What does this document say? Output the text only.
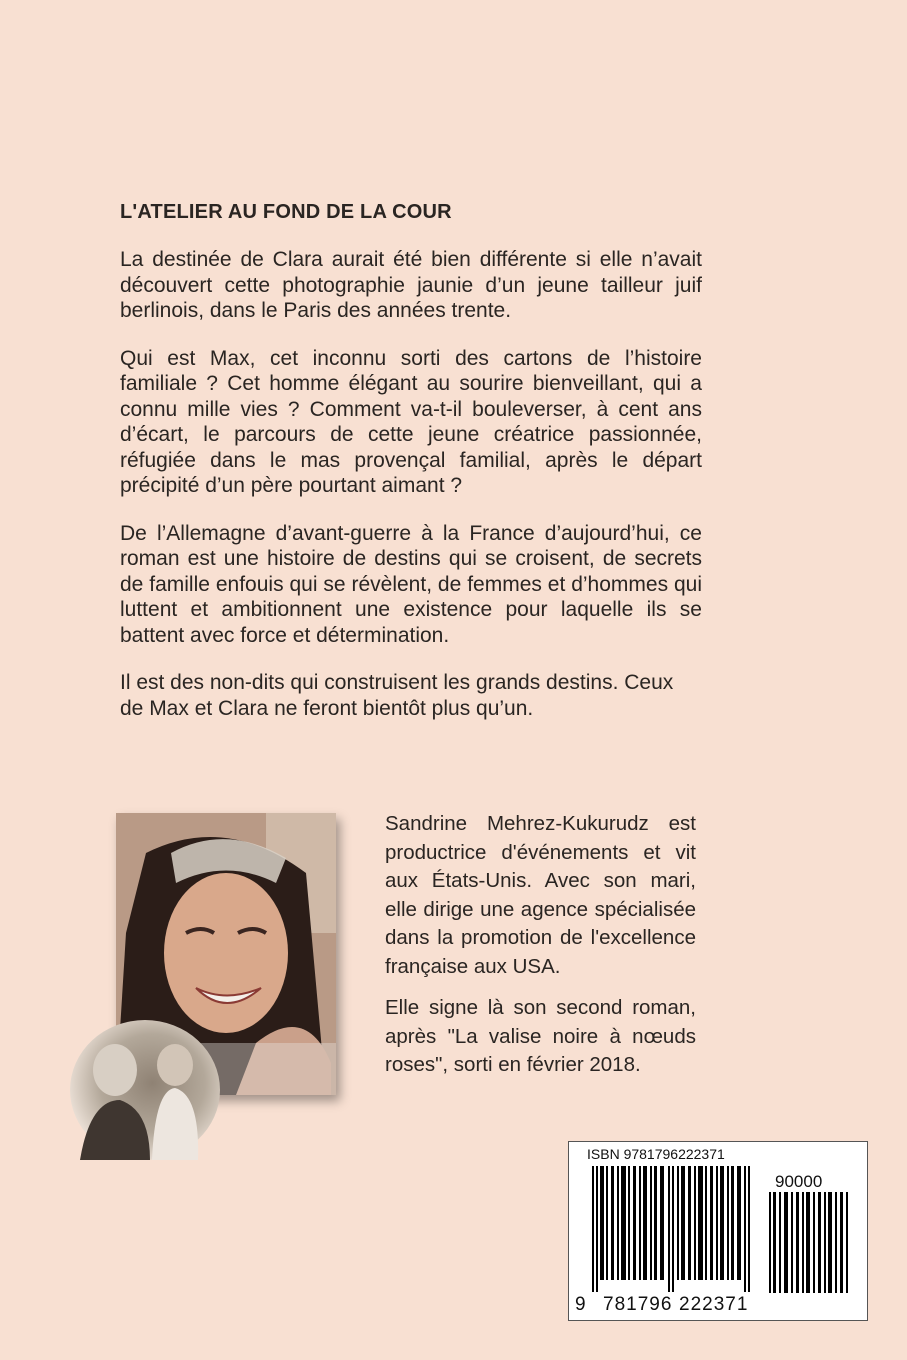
L'ATELIER AU FOND DE LA COUR

La destinée de Clara aurait été bien différente si elle n’avait découvert cette photographie jaunie d’un jeune tailleur juif berlinois, dans le Paris des années trente.

Qui est Max, cet inconnu sorti des cartons de l’histoire familiale ? Cet homme élégant au sourire bienveillant, qui a connu mille vies ? Comment va-t-il bouleverser, à cent ans d’écart, le parcours de cette jeune créatrice passionnée, réfugiée dans le mas provençal familial, après le départ précipité d’un père pourtant aimant ?

De l’Allemagne d’avant-guerre à la France d’aujourd’hui, ce roman est une histoire de destins qui se croisent, de secrets de famille enfouis qui se révèlent, de femmes et d’hommes qui luttent et ambitionnent une existence pour laquelle ils se battent avec force et détermination.

Il est des non-dits qui construisent les grands destins. Ceux de Max et Clara ne feront bientôt plus qu’un.

Sandrine Mehrez-Kukurudz est productrice d'événements et vit aux États-Unis. Avec son mari, elle dirige une agence spécialisée dans la promotion de l'excellence française aux USA.

Elle signe là son second roman, après "La valise noire à nœuds roses", sorti en février 2018.

ISBN 9781796222371
90000
9 781796 222371
